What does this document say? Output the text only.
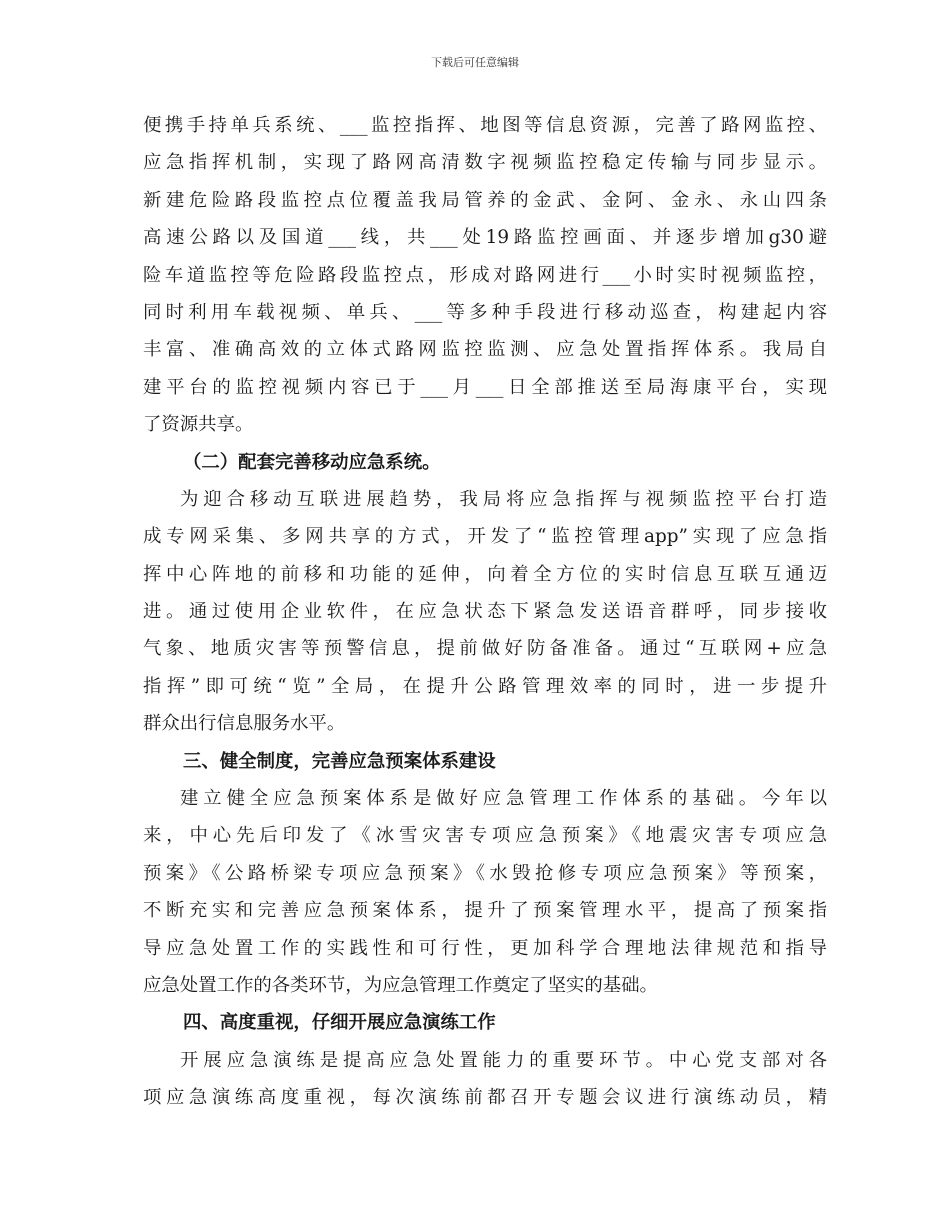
下载后可任意编辑
便携手持单兵系统、___监控指挥、地图等信息资源，完善了路网监控、
应急指挥机制，实现了路网高清数字视频监控稳定传输与同步显示。
新建危险路段监控点位覆盖我局管养的金武、金阿、金永、永山四条
高速公路以及国道___线，共___处19路监控画面、并逐步增加g30避
险车道监控等危险路段监控点，形成对路网进行___小时实时视频监控，
同时利用车载视频、单兵、___等多种手段进行移动巡查，构建起内容
丰富、准确高效的立体式路网监控监测、应急处置指挥体系。我局自
建平台的监控视频内容已于___月___日全部推送至局海康平台，实现
了资源共享。
（二）配套完善移动应急系统。
为迎合移动互联进展趋势，我局将应急指挥与视频监控平台打造
成专网采集、多网共享的方式，开发了“监控管理app”实现了应急指
挥中心阵地的前移和功能的延伸，向着全方位的实时信息互联互通迈
进。通过使用企业软件，在应急状态下紧急发送语音群呼，同步接收
气象、地质灾害等预警信息，提前做好防备准备。通过“互联网+应急
指挥”即可统“览”全局，在提升公路管理效率的同时，进一步提升
群众出行信息服务水平。
三、健全制度，完善应急预案体系建设
建立健全应急预案体系是做好应急管理工作体系的基础。今年以
来，中心先后印发了《冰雪灾害专项应急预案》《地震灾害专项应急
预案》《公路桥梁专项应急预案》《水毁抢修专项应急预案》等预案，
不断充实和完善应急预案体系，提升了预案管理水平，提高了预案指
导应急处置工作的实践性和可行性，更加科学合理地法律规范和指导
应急处置工作的各类环节，为应急管理工作奠定了坚实的基础。
四、高度重视，仔细开展应急演练工作
开展应急演练是提高应急处置能力的重要环节。中心党支部对各
项应急演练高度重视，每次演练前都召开专题会议进行演练动员，精
